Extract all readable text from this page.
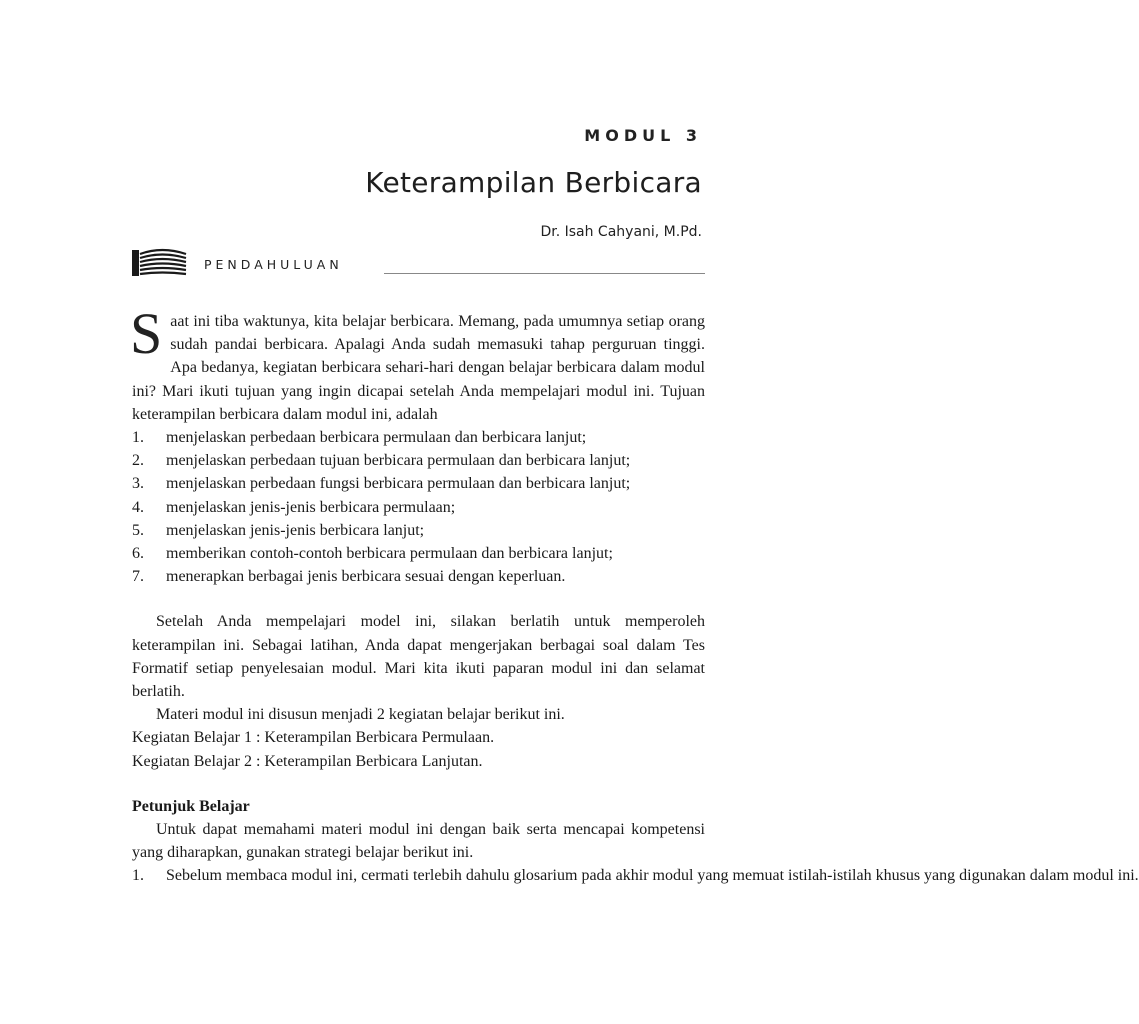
MODUL 3
Keterampilan Berbicara
Dr. Isah Cahyani, M.Pd.
PENDAHULUAN

Saat ini tiba waktunya, kita belajar berbicara. Memang, pada umumnya setiap orang sudah pandai berbicara. Apalagi Anda sudah memasuki tahap perguruan tinggi. Apa bedanya, kegiatan berbicara sehari-hari dengan belajar berbicara dalam modul ini? Mari ikuti tujuan yang ingin dicapai setelah Anda mempelajari modul ini. Tujuan keterampilan berbicara dalam modul ini, adalah

1. menjelaskan perbedaan berbicara permulaan dan berbicara lanjut;
2. menjelaskan perbedaan tujuan berbicara permulaan dan berbicara lanjut;
3. menjelaskan perbedaan fungsi berbicara permulaan dan berbicara lanjut;
4. menjelaskan jenis-jenis berbicara permulaan;
5. menjelaskan jenis-jenis berbicara lanjut;
6. memberikan contoh-contoh berbicara permulaan dan berbicara lanjut;
7. menerapkan berbagai jenis berbicara sesuai dengan keperluan.

Setelah Anda mempelajari model ini, silakan berlatih untuk memperoleh keterampilan ini. Sebagai latihan, Anda dapat mengerjakan berbagai soal dalam Tes Formatif setiap penyelesaian modul. Mari kita ikuti paparan modul ini dan selamat berlatih.

Materi modul ini disusun menjadi 2 kegiatan belajar berikut ini.

Kegiatan Belajar 1 : Keterampilan Berbicara Permulaan.

Kegiatan Belajar 2 : Keterampilan Berbicara Lanjutan.

Petunjuk Belajar

Untuk dapat memahami materi modul ini dengan baik serta mencapai kompetensi yang diharapkan, gunakan strategi belajar berikut ini.

1. Sebelum membaca modul ini, cermati terlebih dahulu glosarium pada akhir modul yang memuat istilah-istilah khusus yang digunakan dalam modul ini.
